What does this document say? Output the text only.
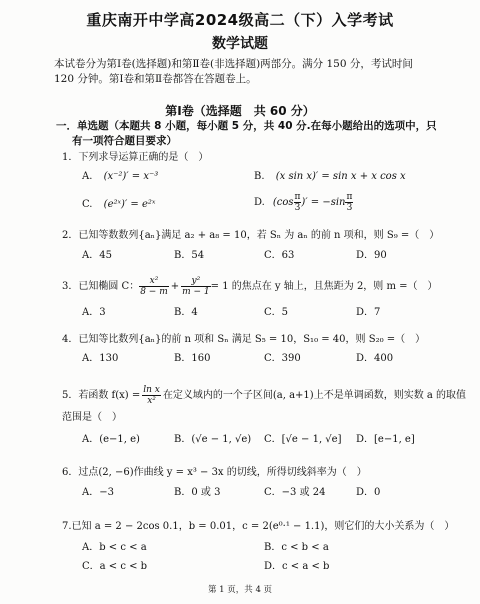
重庆南开中学高2024级高二（下）入学考试
数学试题
本试卷分为第Ⅰ卷(选择题)和第Ⅱ卷(非选择题)两部分。满分 150 分，考试时间
120 分钟。第Ⅰ卷和第Ⅱ卷都答在答题卷上。
第Ⅰ卷（选择题　共 60 分）
一．单选题（本题共 8 小题，每小题 5 分，共 40 分.在每小题给出的选项中，只
有一项符合题目要求）
1．下列求导运算正确的是（　）
A. (x⁻²)′ = x⁻³	B. (x sin x)′ = sin x + x cos x
C. (e²ˣ)′ = e²ˣ	D. ($\cos \frac{\pi}{3}$ )′ = $-\sin \frac{\pi}{3}$
2．已知等数数列{aₙ}满足 a₂ + a₈ = 10，若 Sₙ 为 aₙ 的前 n 项和，则 S₉ =（　）
A．45	B．54	C．63	D．90
3．已知椭圆 C： $\frac{\text{x²}}{8 - m} + \frac{\text{y²}}{m - 1} = 1$ 的焦点在 y 轴上，且焦距为 2，则 m =（　）
A．3	B．4	C．5	D．7
4．已知等比数列{aₙ}的前 n 项和 Sₙ 满足 S₅ = 10，S₁₀ = 40，则 S₂₀ =（　）
A．130	B．160	C．390	D．400
5．若函数 $f(x) = \frac{\text{ln x}}{\text{x²}}$ 在定义域内的一个子区间(a, a+1)上不是单调函数，则实数 a 的取值
范围是（　）
A．(e−1, e)	B．(√e − 1, √e) C．[√e − 1, √e] D．[e−1, e]
6．过点(2, −6)作曲线 y = x³ − 3x 的切线，所得切线斜率为（　）
A．−3	B．0 或 3	C．−3 或 24	D．0
7.已知 a = 2 − 2cos 0.1，b = 0.01，c = 2(e⁰·¹ − 1.1)，则它们的大小关系为（　）
A．b < c < a	B．c < b < a
C．a < c < b	D．c < a < b
第 1 页，共 4 页
